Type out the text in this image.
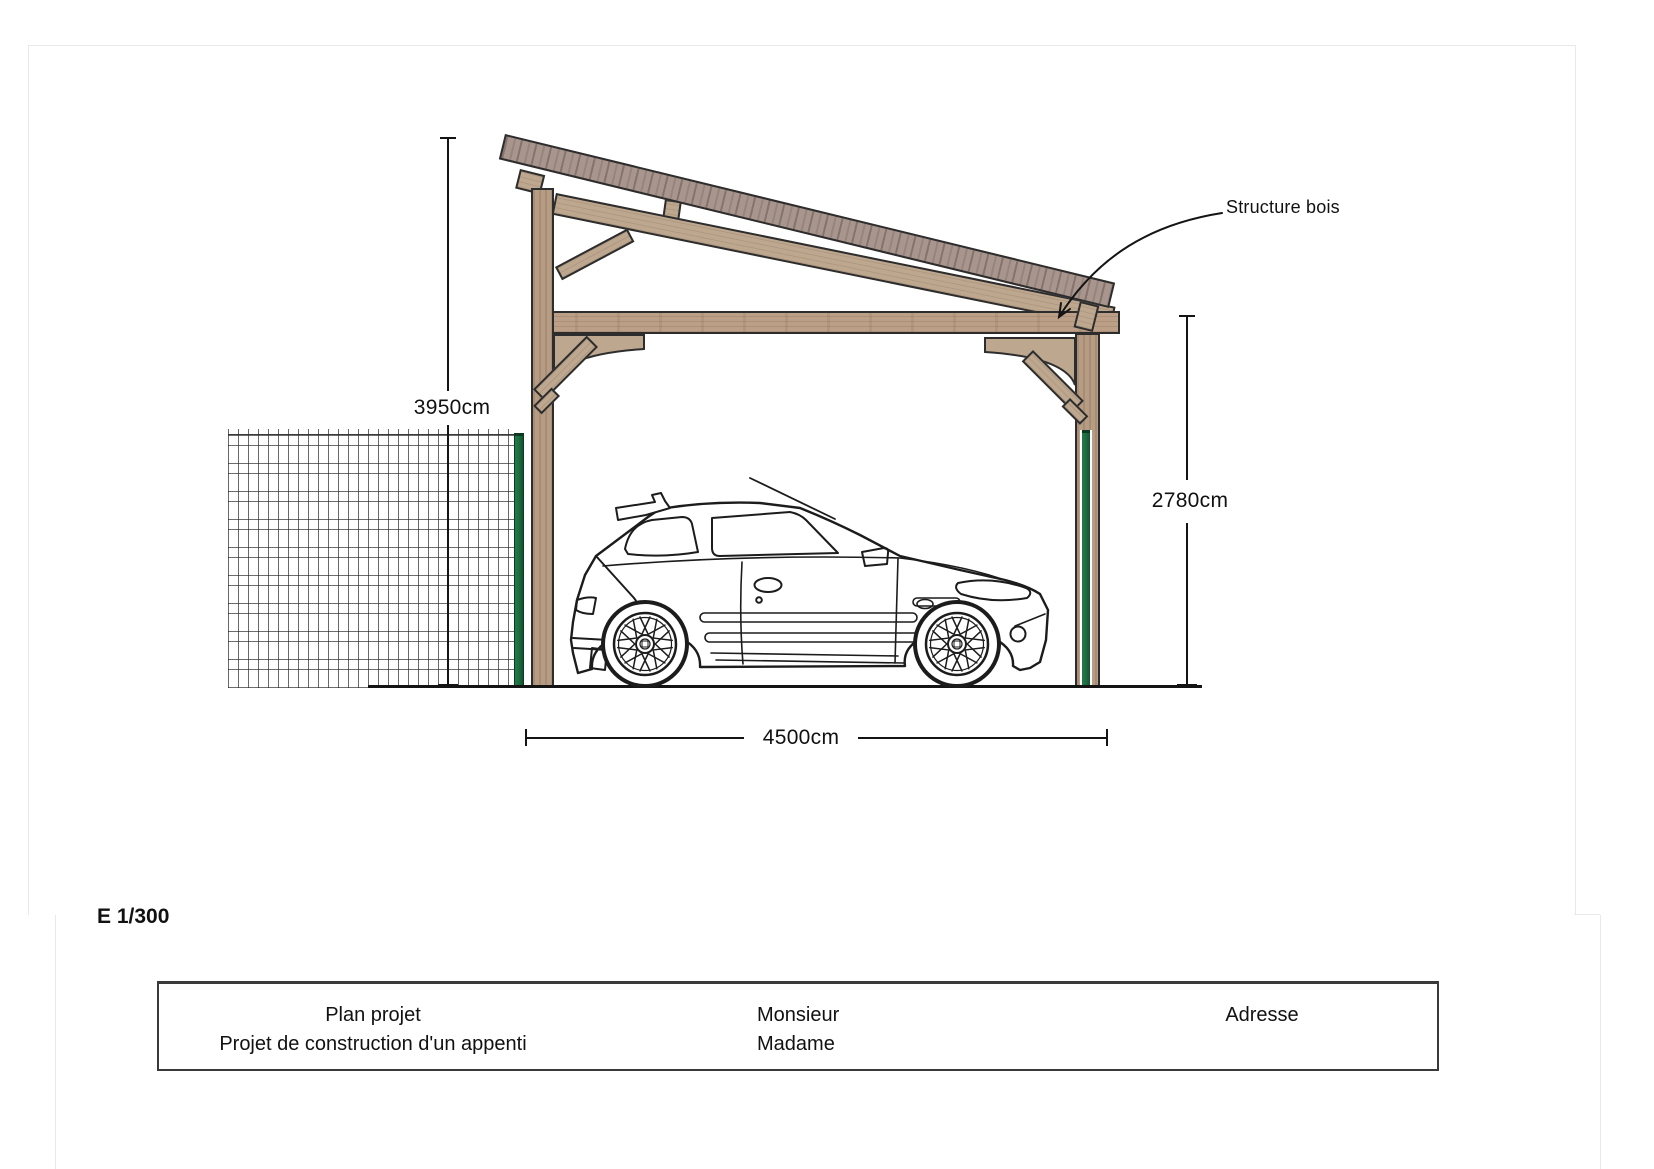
3950cm
2780cm
4500cm
Structure bois
E 1/300
Plan projet
Projet de construction d'un appenti
Monsieur
Madame
Adresse
